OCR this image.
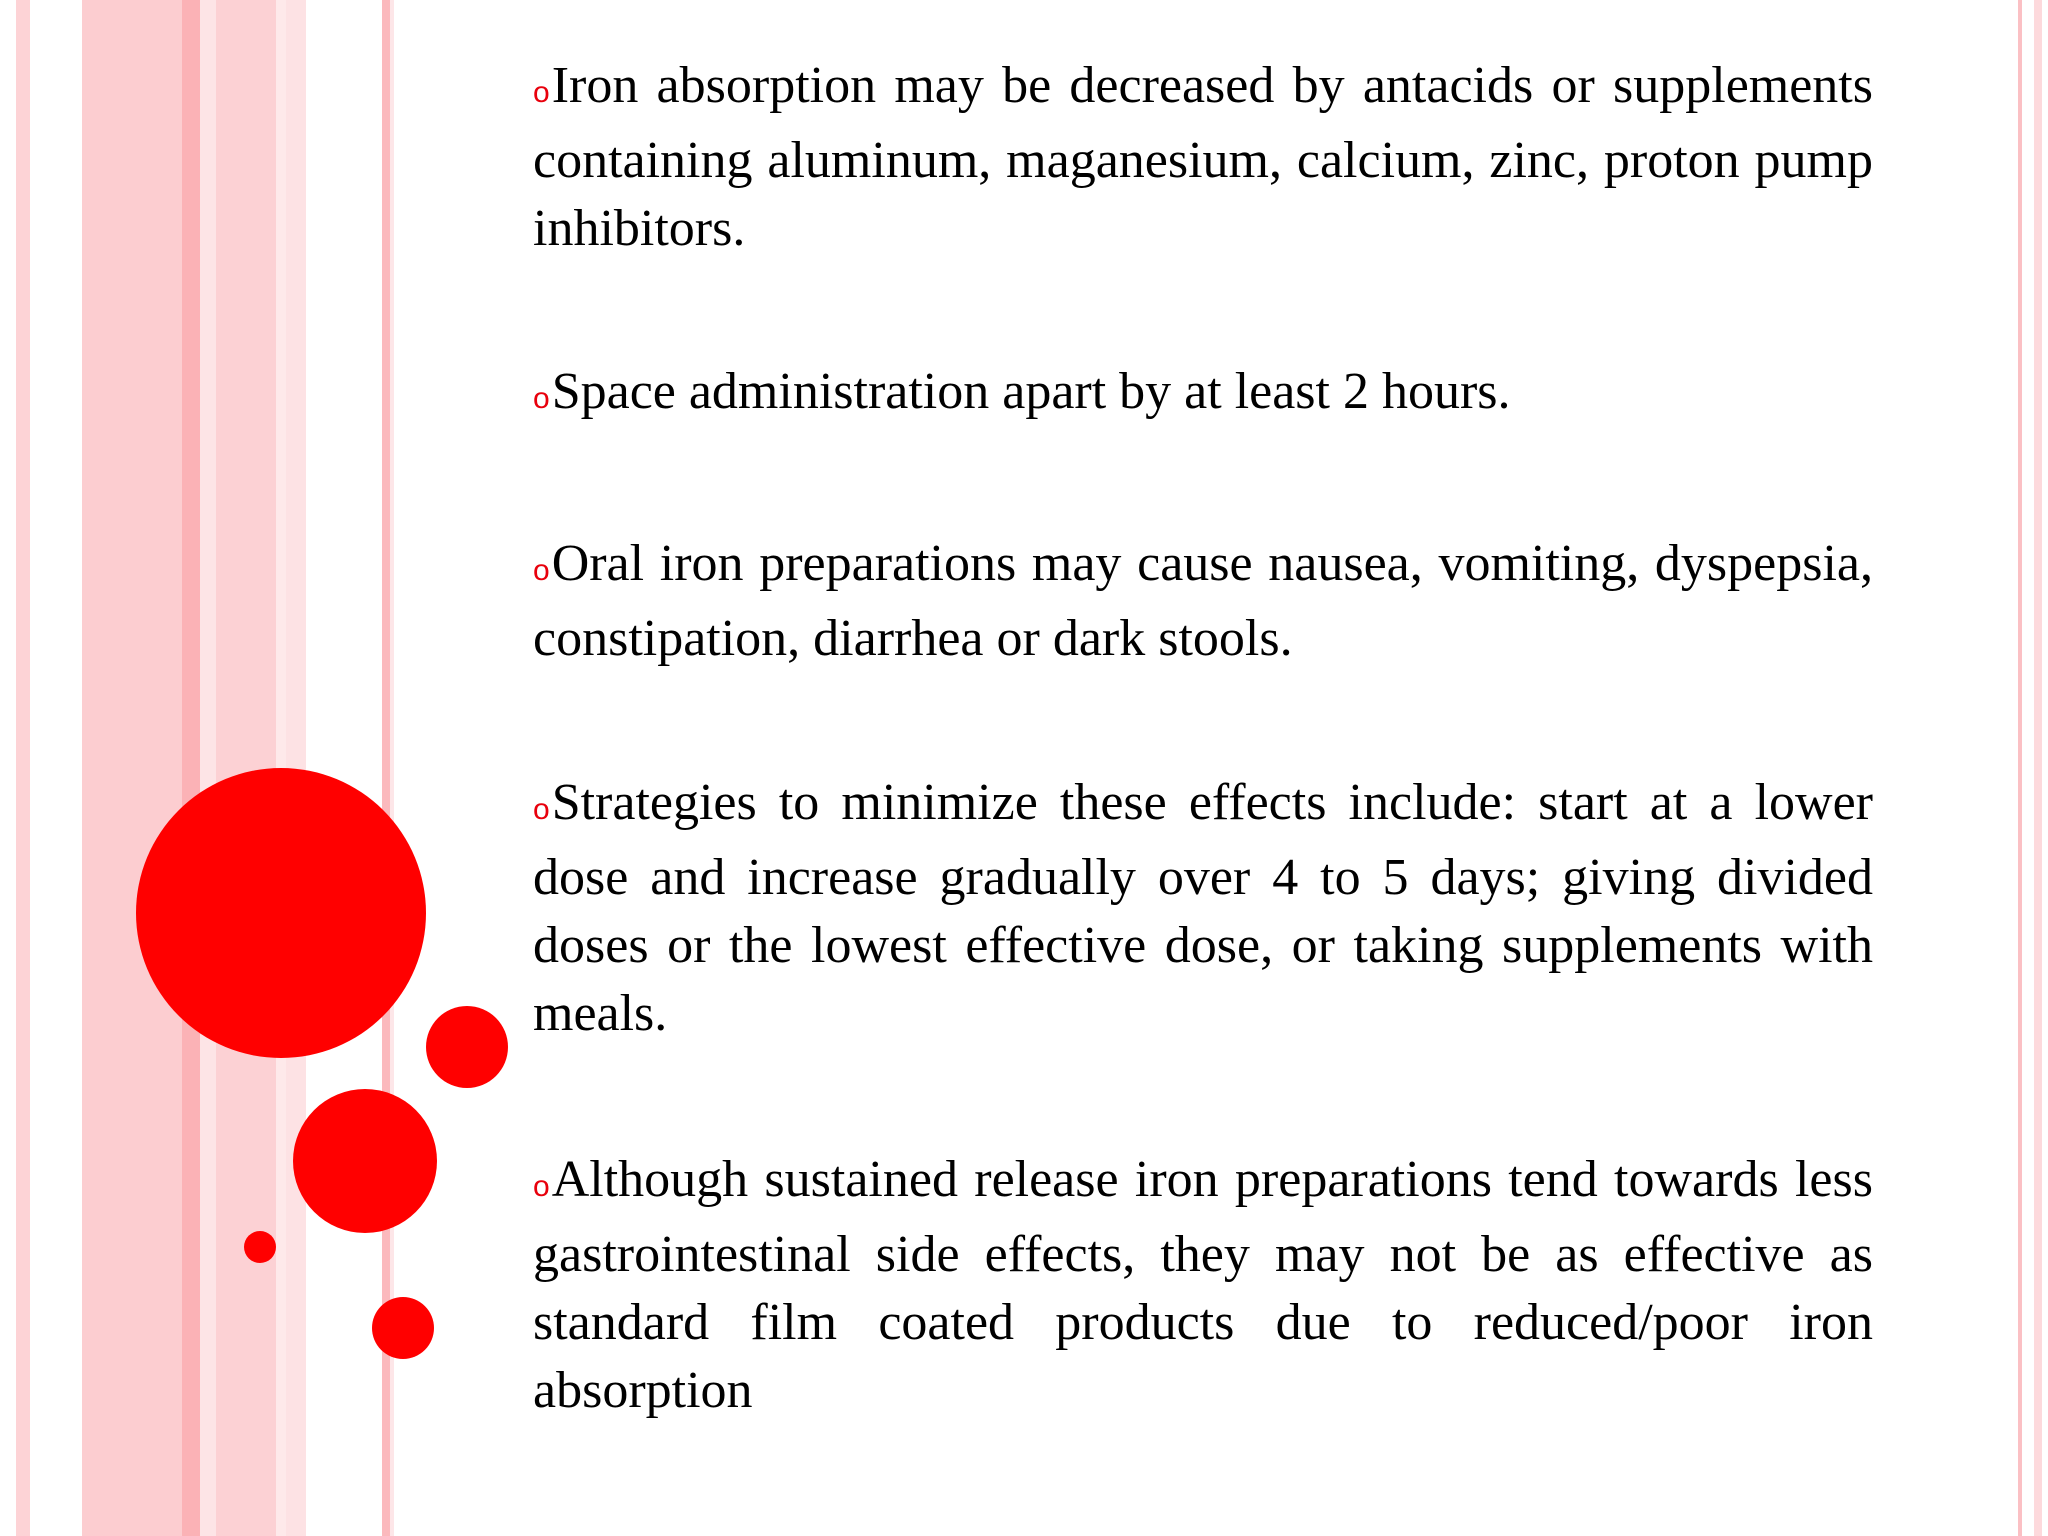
oIron absorption may be decreased by antacids or supplements containing aluminum, maganesium, calcium, zinc, proton pump inhibitors.

oSpace administration apart by at least 2 hours.

oOral iron preparations may cause nausea, vomiting, dyspepsia, constipation, diarrhea or dark stools.

oStrategies to minimize these effects include: start at a lower dose and increase gradually over 4 to 5 days; giving divided doses or the lowest effective dose, or taking supplements with meals.

oAlthough sustained release iron preparations tend towards less gastrointestinal side effects, they may not be as effective as standard film coated products due to reduced/poor iron absorption
